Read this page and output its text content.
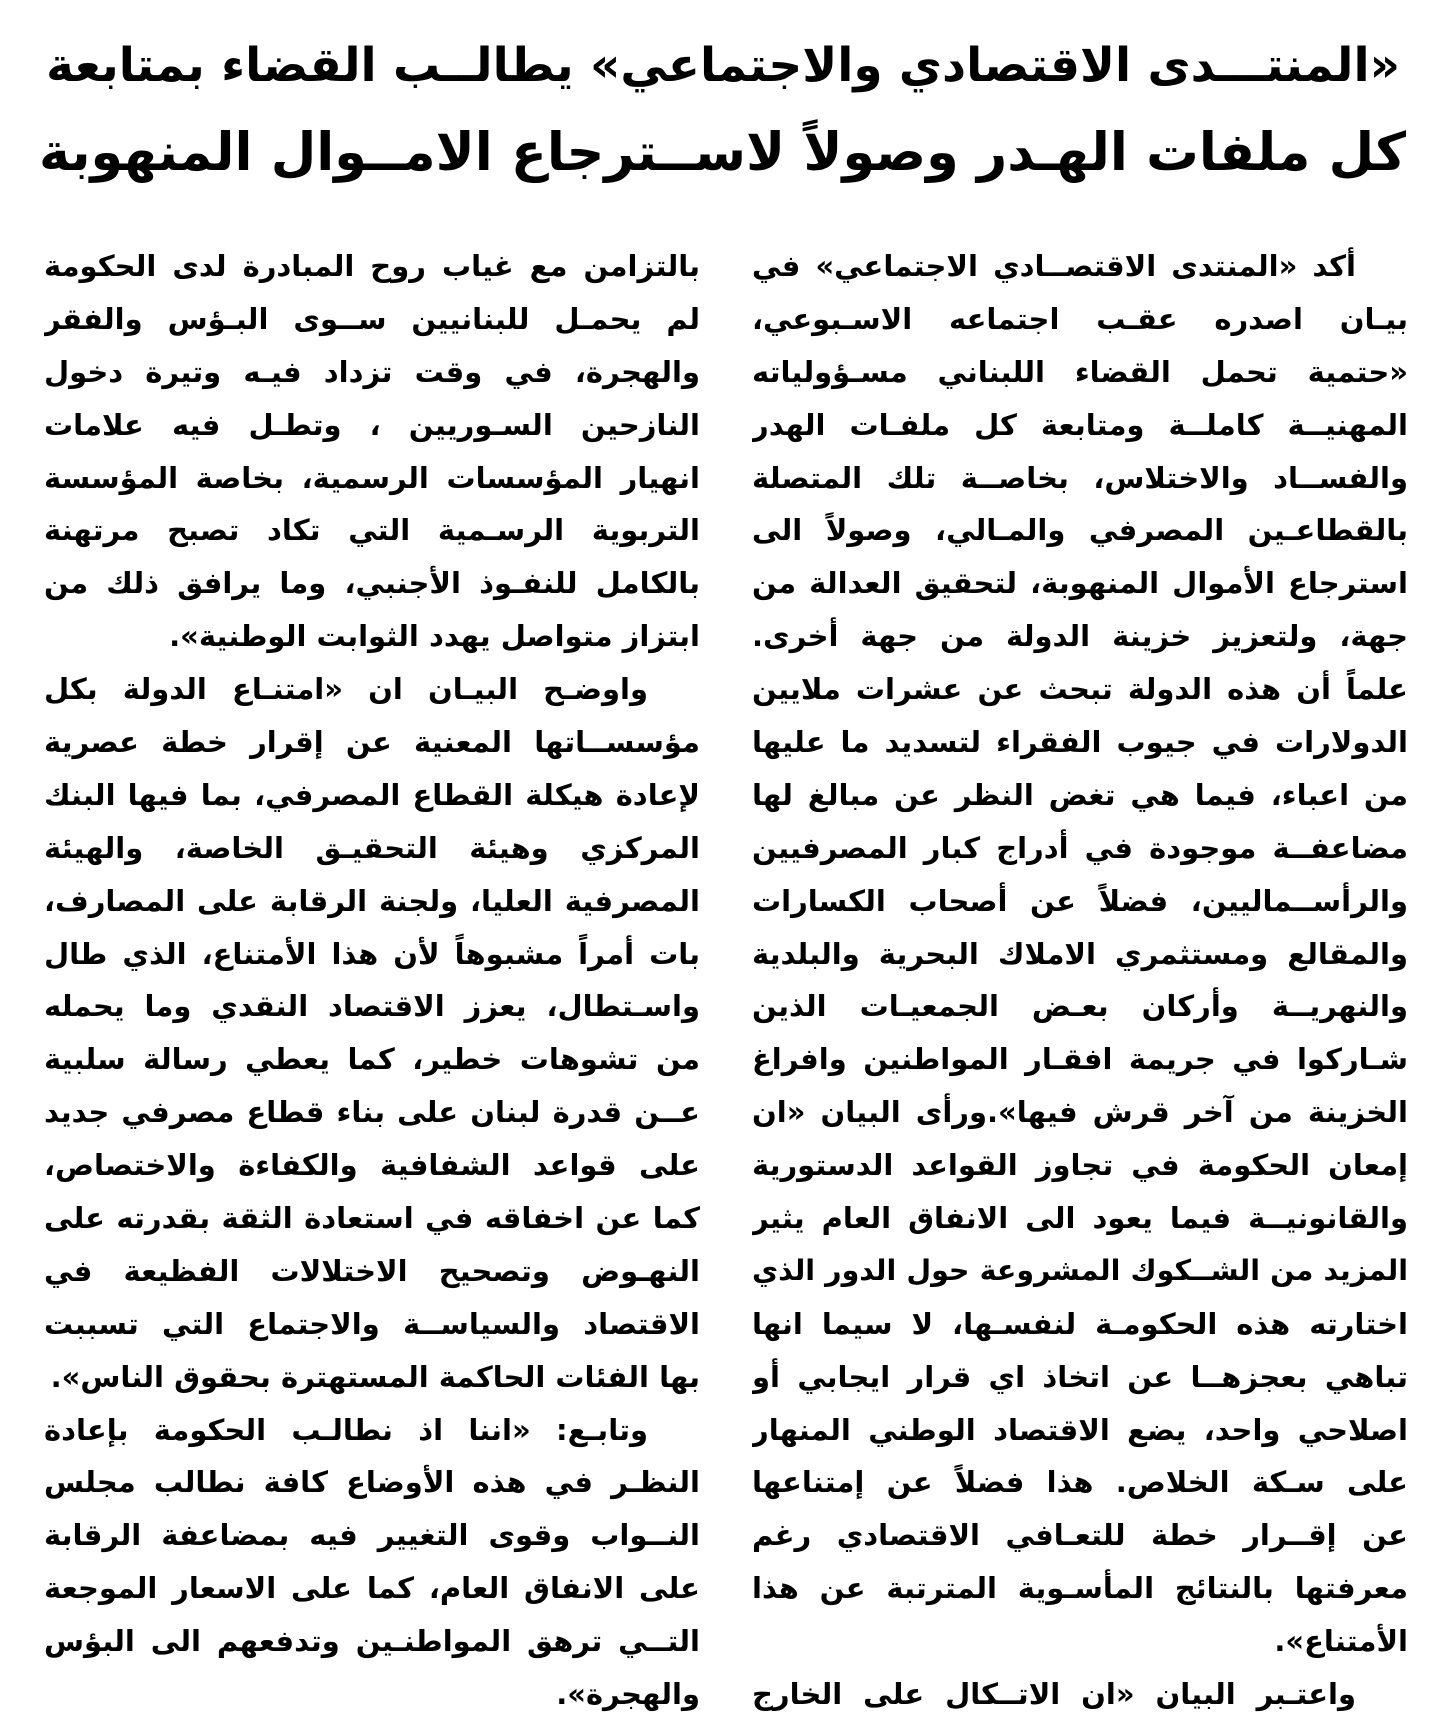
«المنتـــدى الاقتصادي والاجتماعي» يطالــب القضاء بمتابعة
كل ملفات الهـدر وصولاً لاســترجاع الامــوال المنهوبة
أكد «المنتدى الاقتصــادي الاجتماعي» في
بيـان اصدره عقـب اجتماعه الاسـبوعي،
«حتمية تحمل القضاء اللبناني مسـؤولياته
المهنيــة كاملــة ومتابعة كل ملفـات الهدر
والفســاد والاختلاس، بخاصــة تلك المتصلة
بالقطاعـين المصرفي والمـالي، وصولاً الى
استرجاع الأموال المنهوبة، لتحقيق العدالة من
جهة، ولتعزيز خزينة الدولة من جهة أخرى.
علماً أن هذه الدولة تبحث عن عشرات ملايين
الدولارات في جيوب الفقراء لتسديد ما عليها
من اعباء، فيما هي تغض النظر عن مبالغ لها
مضاعفــة موجودة في أدراج كبار المصرفيين
والرأســماليين، فضلاً عن أصحاب الكسارات
والمقالع ومستثمري الاملاك البحرية والبلدية
والنهريــة وأركان بعـض الجمعيـات الذين
شـاركوا في جريمة افقـار المواطنين وافراغ
الخزينة من آخر قرش فيها».ورأى البيان «ان
إمعان الحكومة في تجاوز القواعد الدستورية
والقانونيــة فيما يعود الى الانفاق العام يثير
المزيد من الشــكوك المشروعة حول الدور الذي
اختارته هذه الحكومـة لنفسـها، لا سيما انها
تباهي بعجزهــا عن اتخاذ اي قرار ايجابي أو
اصلاحي واحد، يضع الاقتصاد الوطني المنهار
على سـكة الخلاص. هذا فضلاً عن إمتناعها
عن إقــرار خطة للتعـافي الاقتصادي رغم
معرفتها بالنتائج المأسـوية المترتبة عن هذا
الأمتناع».
واعتـبر البيان «ان الاتــكال على الخارج
بالتزامن مع غياب روح المبادرة لدى الحكومة
لم يحمـل للبنانيين ســوى البـؤس والفقر
والهجرة، في وقت تزداد فيـه وتيرة دخول
النازحين السـوريين ، وتطـل فيه علامات
انهيار المؤسسات الرسمية، بخاصة المؤسسة
التربوية الرسـمية التي تكاد تصبح مرتهنة
بالكامل للنفـوذ الأجنبي، وما يرافق ذلك من
ابتزاز متواصل يهدد الثوابت الوطنية».
واوضـح البيـان ان «امتنـاع الدولة بكل
مؤسســاتها المعنية عن إقرار خطة عصرية
لإعادة هيكلة القطاع المصرفي، بما فيها البنك
المركزي وهيئة التحقيـق الخاصة، والهيئة
المصرفية العليا، ولجنة الرقابة على المصارف،
بات أمراً مشبوهاً لأن هذا الأمتناع، الذي طال
واسـتطال، يعزز الاقتصاد النقدي وما يحمله
من تشوهات خطير، كما يعطي رسالة سلبية
عــن قدرة لبنان على بناء قطاع مصرفي جديد
على قواعد الشفافية والكفاءة والاختصاص،
كما عن اخفاقه في استعادة الثقة بقدرته على
النهـوض وتصحيح الاختلالات الفظيعة في
الاقتصاد والسياســة والاجتماع التي تسببت
بها الفئات الحاكمة المستهترة بحقوق الناس».
وتابـع: «اننا اذ نطالـب الحكومة بإعادة
النظـر في هذه الأوضاع كافة نطالب مجلس
النــواب وقوى التغيير فيه بمضاعفة الرقابة
على الانفاق العام، كما على الاسعار الموجعة
التــي ترهق المواطنـين وتدفعهم الى البؤس
والهجرة».
